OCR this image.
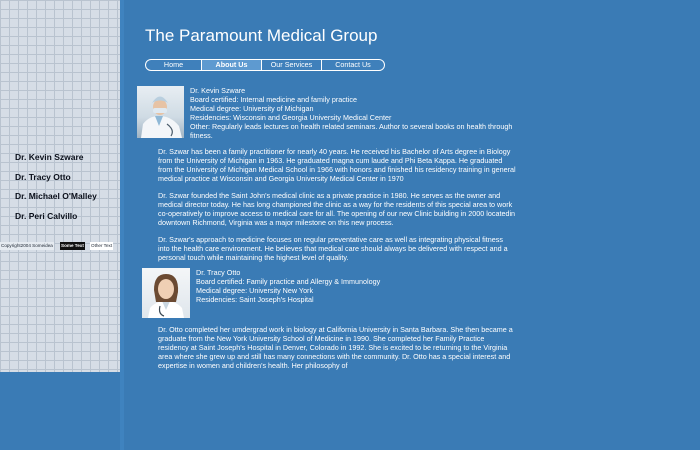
Dr. Kevin Szware
Dr. Tracy Otto
Dr. Michael O'Malley
Dr. Peri Calvillo
Copyright2004 Someidea Some Text Other Text
The Paramount Medical Group
Home	About Us	Our Services	Contact Us
Dr. Kevin Szware
Board certified: Internal medicine and family practice
Medical degree: University of Michigan
Residencies: Wisconsin and Georgia University Medical Center
Other: Regularly leads lectures on health related seminars. Author to several books on health through
fitness.
Dr. Szwar has been a family practitioner for nearly 40 years. He received his Bachelor of Arts degree in Biology
from the University of Michigan in 1963. He graduated magna cum laude and Phi Beta Kappa. He graduated
from the University of Michigan Medical School in 1966 with honors and finished his residency training in general
medical practice at Wisconsin and Georgia University Medical Center in 1970
Dr. Szwar founded the Saint John's medical clinic as a private practice in 1980. He serves as the owner and
medical director today. He has long championed the clinic as a way for the residents of this special area to work
co-operatively to improve access to medical care for all. The opening of our new Clinic building in 2000 locatedin
downtown Richmond, Virginia was a major milestone on this new process.
Dr. Szwar's approach to medicine focuses on regular preventative care as well as integrating physical fitness
into the health care environment. He believes that medical care should always be delivered with respect and a
personal touch while maintaining the highest level of quality.
Dr. Tracy Otto
Board certified: Family practice and Allergy & Immunology
Medical degree: University New York
Residencies: Saint Joseph's Hospital
Dr. Otto completed her umdergrad work in biology at California University in Santa Barbara. She then became a
graduate from the New York University School of Medicine in 1990. She completed her Family Practice
residency at Saint Joseph's Hospital in Denver, Colorado in 1992. She is excited to be returning to the Virginia
area where she grew up and still has many connections with the community. Dr. Otto has a special interest and
expertise in women and children's health. Her philosophy of
